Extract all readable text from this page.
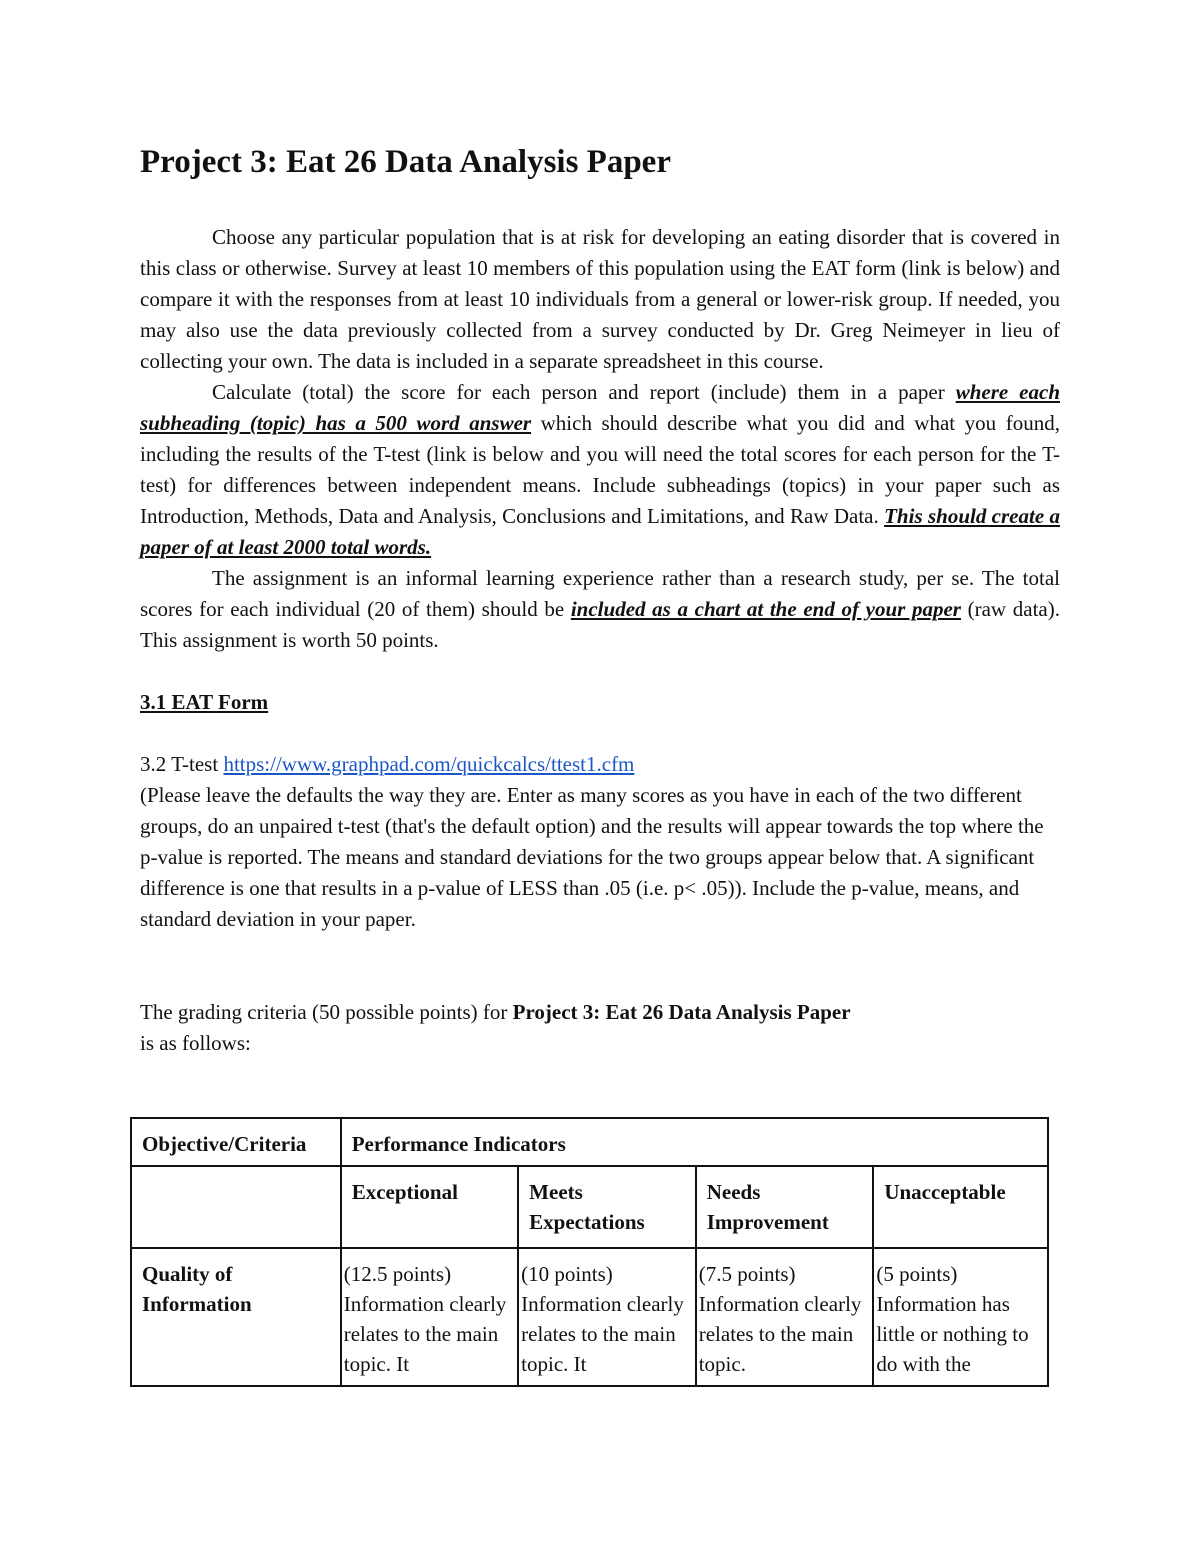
Project 3: Eat 26 Data Analysis Paper

Choose any particular population that is at risk for developing an eating disorder that is covered in this class or otherwise. Survey at least 10 members of this population using the EAT form (link is below) and compare it with the responses from at least 10 individuals from a general or lower-risk group. If needed, you may also use the data previously collected from a survey conducted by Dr. Greg Neimeyer in lieu of collecting your own. The data is included in a separate spreadsheet in this course.

Calculate (total) the score for each person and report (include) them in a paper where each subheading (topic) has a 500 word answer which should describe what you did and what you found, including the results of the T-test (link is below and you will need the total scores for each person for the T-test) for differences between independent means. Include subheadings (topics) in your paper such as Introduction, Methods, Data and Analysis, Conclusions and Limitations, and Raw Data. This should create a paper of at least 2000 total words.

The assignment is an informal learning experience rather than a research study, per se. The total scores for each individual (20 of them) should be included as a chart at the end of your paper (raw data). This assignment is worth 50 points.

3.1 EAT Form

3.2 T-test https://www.graphpad.com/quickcalcs/ttest1.cfm

(Please leave the defaults the way they are. Enter as many scores as you have in each of the two different groups, do an unpaired t-test (that's the default option) and the results will appear towards the top where the p-value is reported. The means and standard deviations for the two groups appear below that. A significant difference is one that results in a p-value of LESS than .05 (i.e. p< .05)). Include the p-value, means, and standard deviation in your paper.

The grading criteria (50 possible points) for Project 3: Eat 26 Data Analysis Paper

is as follows:

Objective/Criteria	Performance Indicators			
	Exceptional	Meets Expectations	Needs Improvement	Unacceptable
Quality of Information	(12.5 points) Information clearly relates to the main topic. It	(10 points) Information clearly relates to the main topic. It	(7.5 points) Information clearly relates to the main topic.	(5 points) Information has little or nothing to do with the
